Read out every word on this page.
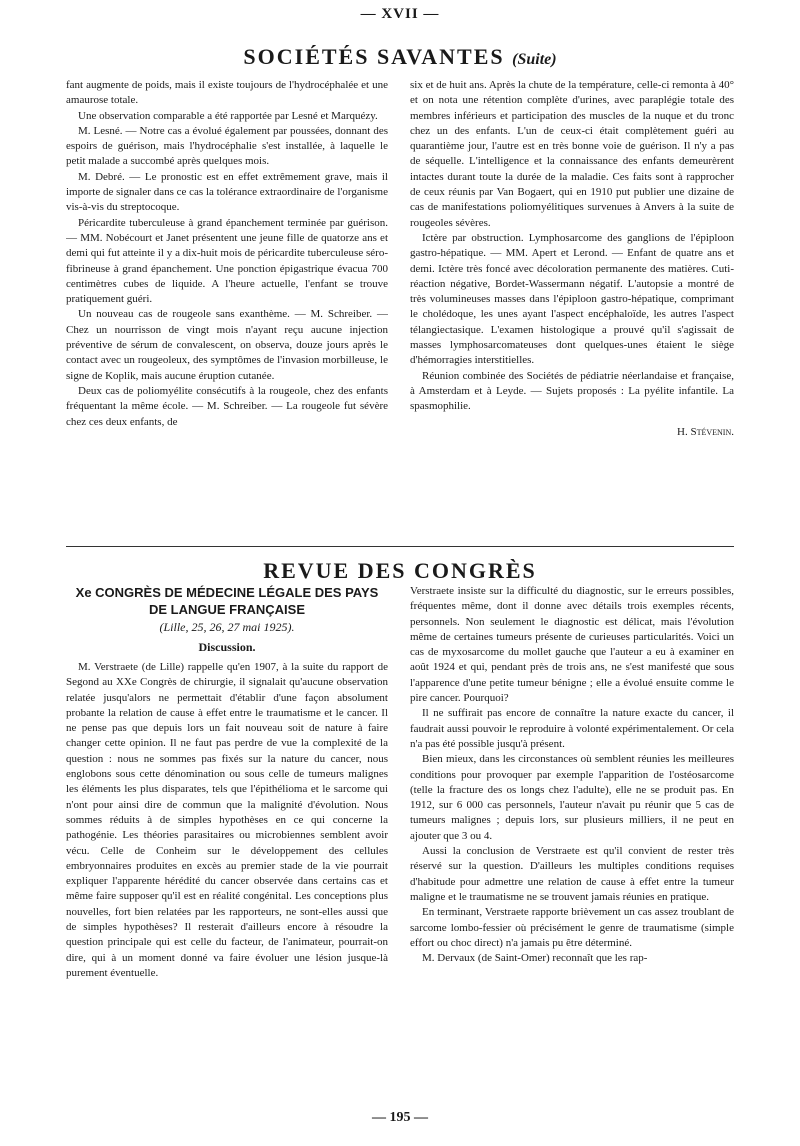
— XVII —
SOCIÉTÉS SAVANTES (Suite)

fant augmente de poids, mais il existe toujours de l'hydrocéphalée et une amaurose totale.

Une observation comparable a été rapportée par Lesné et Marquézy.

M. Lesné. — Notre cas a évolué également par poussées, donnant des espoirs de guérison, mais l'hydrocéphalie s'est installée, à laquelle le petit malade a succombé après quelques mois.

M. Debré. — Le pronostic est en effet extrêmement grave, mais il importe de signaler dans ce cas la tolérance extraordinaire de l'organisme vis-à-vis du streptocoque.

Péricardite tuberculeuse à grand épanchement terminée par guérison. — MM. Nobécourt et Janet présentent une jeune fille de quatorze ans et demi qui fut atteinte il y a dix-huit mois de péricardite tuberculeuse séro-fibrineuse à grand épanchement. Une ponction épigastrique évacua 700 centimètres cubes de liquide. A l'heure actuelle, l'enfant se trouve pratiquement guéri.

Un nouveau cas de rougeole sans exanthème. — M. Schreiber. — Chez un nourrisson de vingt mois n'ayant reçu aucune injection préventive de sérum de convalescent, on observa, douze jours après le contact avec un rougeoleux, des symptômes de l'invasion morbilleuse, le signe de Koplik, mais aucune éruption cutanée.

Deux cas de poliomyélite consécutifs à la rougeole, chez des enfants fréquentant la même école. — M. Schreiber. — La rougeole fut sévère chez ces deux enfants, de

six et de huit ans. Après la chute de la température, celle-ci remonta à 40° et on nota une rétention complète d'urines, avec paraplégie totale des membres inférieurs et participation des muscles de la nuque et du tronc chez un des enfants. L'un de ceux-ci était complètement guéri au quarantième jour, l'autre est en très bonne voie de guérison. Il n'y a pas de séquelle. L'intelligence et la connaissance des enfants demeurèrent intactes durant toute la durée de la maladie. Ces faits sont à rapprocher de ceux réunis par Van Bogaert, qui en 1910 put publier une dizaine de cas de manifestations poliomyélitiques survenues à Anvers à la suite de rougeoles sévères.

Ictère par obstruction. Lymphosarcome des ganglions de l'épiploon gastro-hépatique. — MM. Apert et Lerond. — Enfant de quatre ans et demi. Ictère très foncé avec décoloration permanente des matières. Cuti-réaction négative, Bordet-Wassermann négatif. L'autopsie a montré de très volumineuses masses dans l'épiploon gastro-hépatique, comprimant le cholédoque, les unes ayant l'aspect encéphaloïde, les autres l'aspect télangiectasique. L'examen histologique a prouvé qu'il s'agissait de masses lymphosarcomateuses dont quelques-unes étaient le siège d'hémorragies interstitielles.

Réunion combinée des Sociétés de pédiatrie néerlandaise et française, à Amsterdam et à Leyde. — Sujets proposés : La pyélite infantile. La spasmophilie.

H. Stévenin.

REVUE DES CONGRÈS
Xe CONGRÈS DE MÉDECINE LÉGALE DES PAYS DE LANGUE FRANÇAISE
(Lille, 25, 26, 27 mai 1925).
Discussion.

M. Verstraete (de Lille) rappelle qu'en 1907, à la suite du rapport de Segond au XXe Congrès de chirurgie, il signalait qu'aucune observation relatée jusqu'alors ne permettait d'établir d'une façon absolument probante la relation de cause à effet entre le traumatisme et le cancer. Il ne pense pas que depuis lors un fait nouveau soit de nature à faire changer cette opinion. Il ne faut pas perdre de vue la complexité de la question : nous ne sommes pas fixés sur la nature du cancer, nous englobons sous cette dénomination ou sous celle de tumeurs malignes les éléments les plus disparates, tels que l'épithélioma et le sarcome qui n'ont pour ainsi dire de commun que la malignité d'évolution. Nous sommes réduits à de simples hypothèses en ce qui concerne la pathogénie. Les théories parasitaires ou microbiennes semblent avoir vécu. Celle de Conheim sur le développement des cellules embryonnaires produites en excès au premier stade de la vie pourrait expliquer l'apparente hérédité du cancer observée dans certains cas et même faire supposer qu'il est en réalité congénital. Les conceptions plus nouvelles, fort bien relatées par les rapporteurs, ne sont-elles aussi que de simples hypothèses? Il resterait d'ailleurs encore à résoudre la question principale qui est celle du facteur, de l'animateur, pourrait-on dire, qui à un moment donné va faire évoluer une lésion jusque-là purement éventuelle.

Verstraete insiste sur la difficulté du diagnostic, sur le erreurs possibles, fréquentes même, dont il donne avec détails trois exemples récents, personnels. Non seulement le diagnostic est délicat, mais l'évolution même de certaines tumeurs présente de curieuses particularités. Voici un cas de myxosarcome du mollet gauche que l'auteur a eu à examiner en août 1924 et qui, pendant près de trois ans, ne s'est manifesté que sous l'apparence d'une petite tumeur bénigne ; elle a évolué ensuite comme le pire cancer. Pourquoi?

Il ne suffirait pas encore de connaître la nature exacte du cancer, il faudrait aussi pouvoir le reproduire à volonté expérimentalement. Or cela n'a pas été possible jusqu'à présent.

Bien mieux, dans les circonstances où semblent réunies les meilleures conditions pour provoquer par exemple l'apparition de l'ostéosarcome (telle la fracture des os longs chez l'adulte), elle ne se produit pas. En 1912, sur 6 000 cas personnels, l'auteur n'avait pu réunir que 5 cas de tumeurs malignes ; depuis lors, sur plusieurs milliers, il ne peut en ajouter que 3 ou 4.

Aussi la conclusion de Verstraete est qu'il convient de rester très réservé sur la question. D'ailleurs les multiples conditions requises d'habitude pour admettre une relation de cause à effet entre la tumeur maligne et le traumatisme ne se trouvent jamais réunies en pratique.

En terminant, Verstraete rapporte brièvement un cas assez troublant de sarcome lombo-fessier où précisément le genre de traumatisme (simple effort ou choc direct) n'a jamais pu être déterminé.

M. Dervaux (de Saint-Omer) reconnaît que les rap-

— 195 —
